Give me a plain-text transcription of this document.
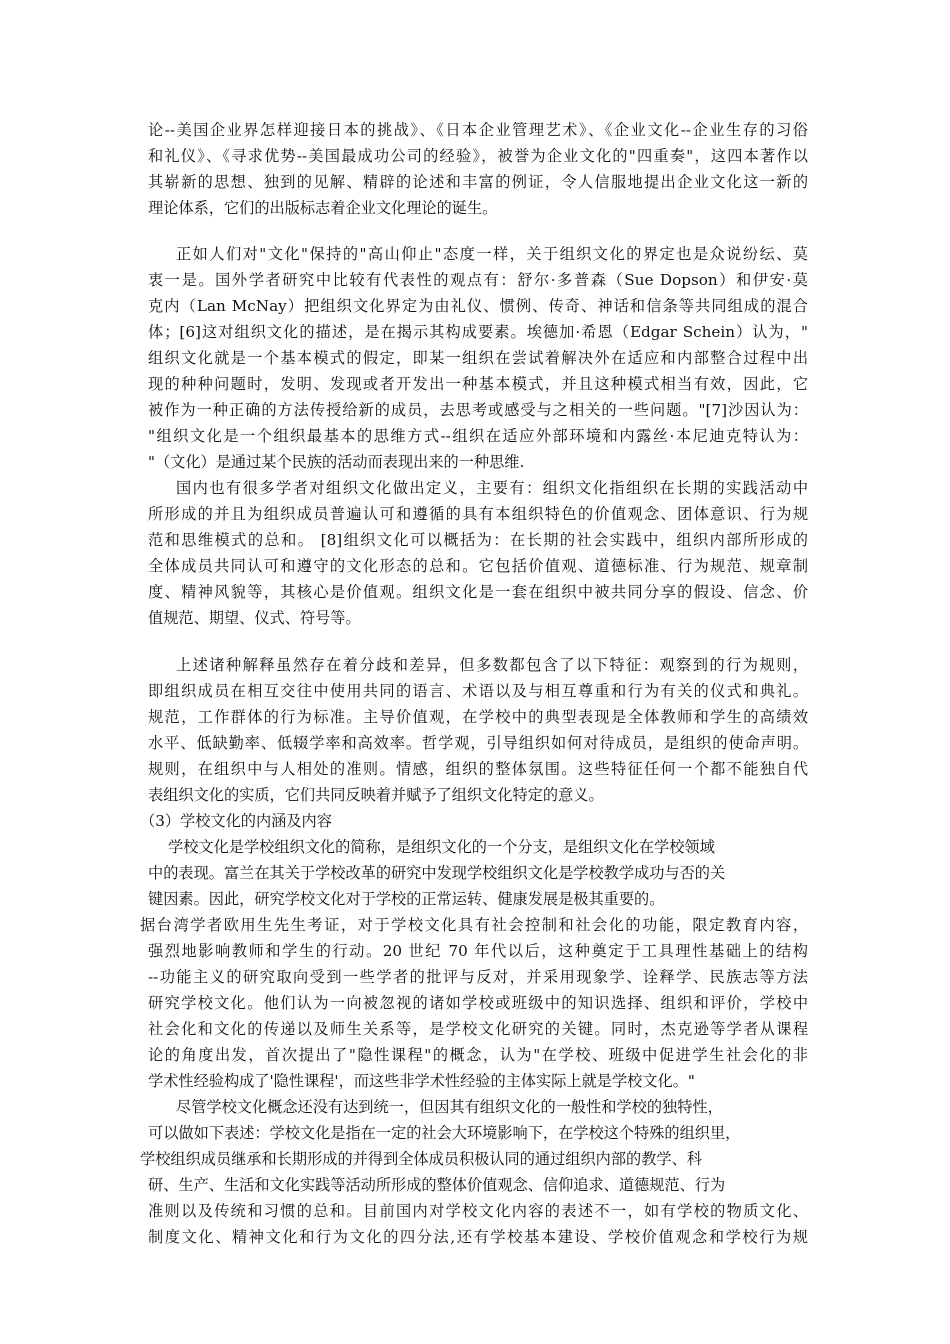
论--美国企业界怎样迎接日本的挑战》、《日本企业管理艺术》、《企业文化--企业生存的习俗
和礼仪》、《寻求优势--美国最成功公司的经验》，被誉为企业文化的"四重奏"，这四本著作以
其崭新的思想、独到的见解、精辟的论述和丰富的例证，令人信服地提出企业文化这一新的
理论体系，它们的出版标志着企业文化理论的诞生。
正如人们对"文化"保持的"高山仰止"态度一样，关于组织文化的界定也是众说纷纭、莫
衷一是。国外学者研究中比较有代表性的观点有：舒尔·多普森（Sue Dopson）和伊安·莫
克内（Lan McNay）把组织文化界定为由礼仪、惯例、传奇、神话和信条等共同组成的混合
体；[6]这对组织文化的描述，是在揭示其构成要素。埃德加·希恩（Edgar Schein）认为，"
组织文化就是一个基本模式的假定，即某一组织在尝试着解决外在适应和内部整合过程中出
现的种种问题时，发明、发现或者开发出一种基本模式，并且这种模式相当有效，因此，它
被作为一种正确的方法传授给新的成员，去思考或感受与之相关的一些问题。"[7]沙因认为：
"组织文化是一个组织最基本的思维方式--组织在适应外部环境和内露丝·本尼迪克特认为：
"（文化）是通过某个民族的活动而表现出来的一种思维.
国内也有很多学者对组织文化做出定义，主要有：组织文化指组织在长期的实践活动中
所形成的并且为组织成员普遍认可和遵循的具有本组织特色的价值观念、团体意识、行为规
范和思维模式的总和。 [8]组织文化可以概括为：在长期的社会实践中，组织内部所形成的
全体成员共同认可和遵守的文化形态的总和。它包括价值观、道德标准、行为规范、规章制
度、精神风貌等，其核心是价值观。组织文化是一套在组织中被共同分享的假设、信念、价
值规范、期望、仪式、符号等。
上述诸种解释虽然存在着分歧和差异，但多数都包含了以下特征：观察到的行为规则，
即组织成员在相互交往中使用共同的语言、术语以及与相互尊重和行为有关的仪式和典礼。
规范，工作群体的行为标准。主导价值观，在学校中的典型表现是全体教师和学生的高绩效
水平、低缺勤率、低辍学率和高效率。哲学观，引导组织如何对待成员，是组织的使命声明。
规则，在组织中与人相处的准则。情感，组织的整体氛围。这些特征任何一个都不能独自代
表组织文化的实质，它们共同反映着并赋予了组织文化特定的意义。
（3）学校文化的内涵及内容
学校文化是学校组织文化的简称，是组织文化的一个分支，是组织文化在学校领域
中的表现。富兰在其关于学校改革的研究中发现学校组织文化是学校教学成功与否的关
键因素。因此，研究学校文化对于学校的正常运转、健康发展是极其重要的。
据台湾学者欧用生先生考证，对于学校文化具有社会控制和社会化的功能，限定教育内容，
强烈地影响教师和学生的行动。20 世纪 70 年代以后，这种奠定于工具理性基础上的结构
--功能主义的研究取向受到一些学者的批评与反对，并采用现象学、诠释学、民族志等方法
研究学校文化。他们认为一向被忽视的诸如学校或班级中的知识选择、组织和评价，学校中
社会化和文化的传递以及师生关系等，是学校文化研究的关键。同时，杰克逊等学者从课程
论的角度出发，首次提出了"隐性课程"的概念，认为"在学校、班级中促进学生社会化的非
学术性经验构成了'隐性课程'，而这些非学术性经验的主体实际上就是学校文化。"
尽管学校文化概念还没有达到统一，但因其有组织文化的一般性和学校的独特性，
可以做如下表述：学校文化是指在一定的社会大环境影响下，在学校这个特殊的组织里，
学校组织成员继承和长期形成的并得到全体成员积极认同的通过组织内部的教学、科
研、生产、生活和文化实践等活动所形成的整体价值观念、信仰追求、道德规范、行为
准则以及传统和习惯的总和。目前国内对学校文化内容的表述不一，如有学校的物质文化、
制度文化、精神文化和行为文化的四分法,还有学校基本建设、学校价值观念和学校行为规
